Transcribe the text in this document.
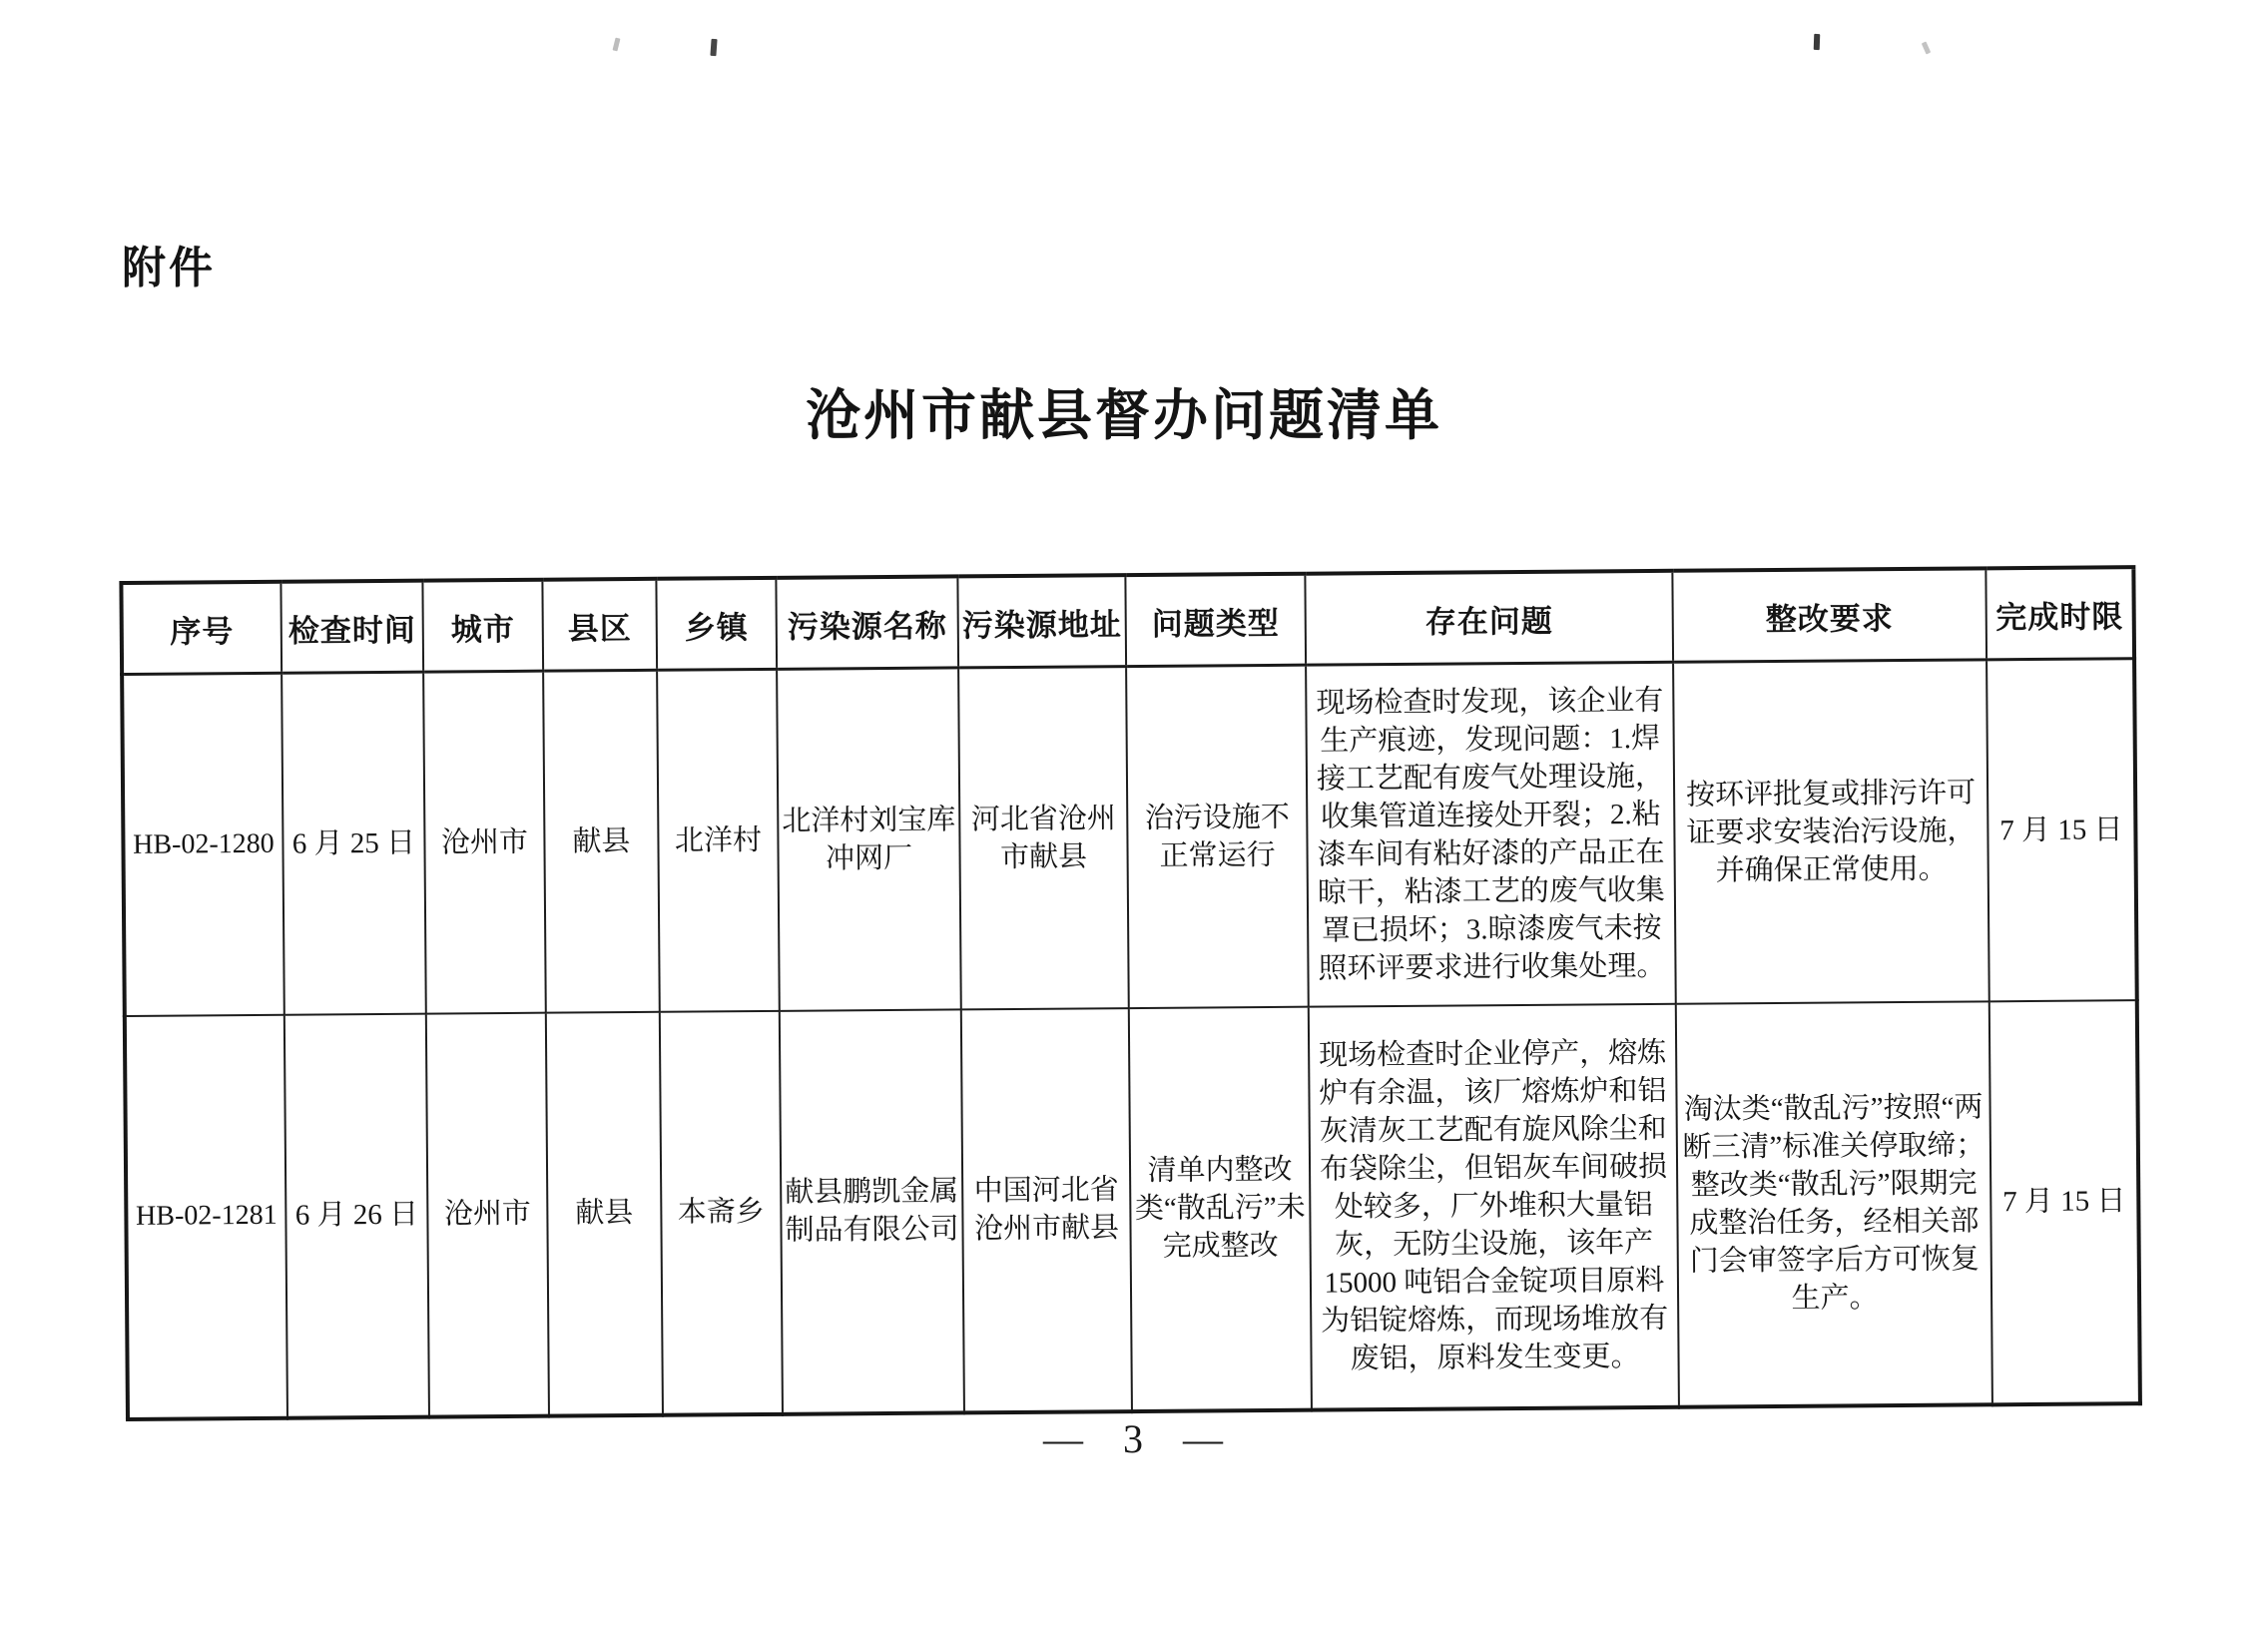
附件
沧州市献县督办问题清单
序号	检查时间	城市	县区	乡镇	污染源名称	污染源地址	问题类型	存在问题	整改要求	完成时限
HB-02-1280	6 月 25 日	沧州市	献县	北洋村	北洋村刘宝库冲网厂	河北省沧州市献县	治污设施不正常运行	现场检查时发现，该企业有生产痕迹，发现问题：1.焊接工艺配有废气处理设施，收集管道连接处开裂；2.粘漆车间有粘好漆的产品正在晾干，粘漆工艺的废气收集罩已损坏；3.晾漆废气未按照环评要求进行收集处理。	按环评批复或排污许可证要求安装治污设施，并确保正常使用。	7 月 15 日
HB-02-1281	6 月 26 日	沧州市	献县	本斋乡	献县鹏凯金属制品有限公司	中国河北省沧州市献县	清单内整改类“散乱污”未完成整改	现场检查时企业停产，熔炼炉有余温，该厂熔炼炉和铝灰清灰工艺配有旋风除尘和布袋除尘，但铝灰车间破损处较多，厂外堆积大量铝灰，无防尘设施，该年产 15000 吨铝合金锭项目原料为铝锭熔炼，而现场堆放有废铝，原料发生变更。	淘汰类“散乱污”按照“两断三清”标准关停取缔；整改类“散乱污”限期完成整治任务，经相关部门会审签字后方可恢复生产。	7 月 15 日
— 3 —
